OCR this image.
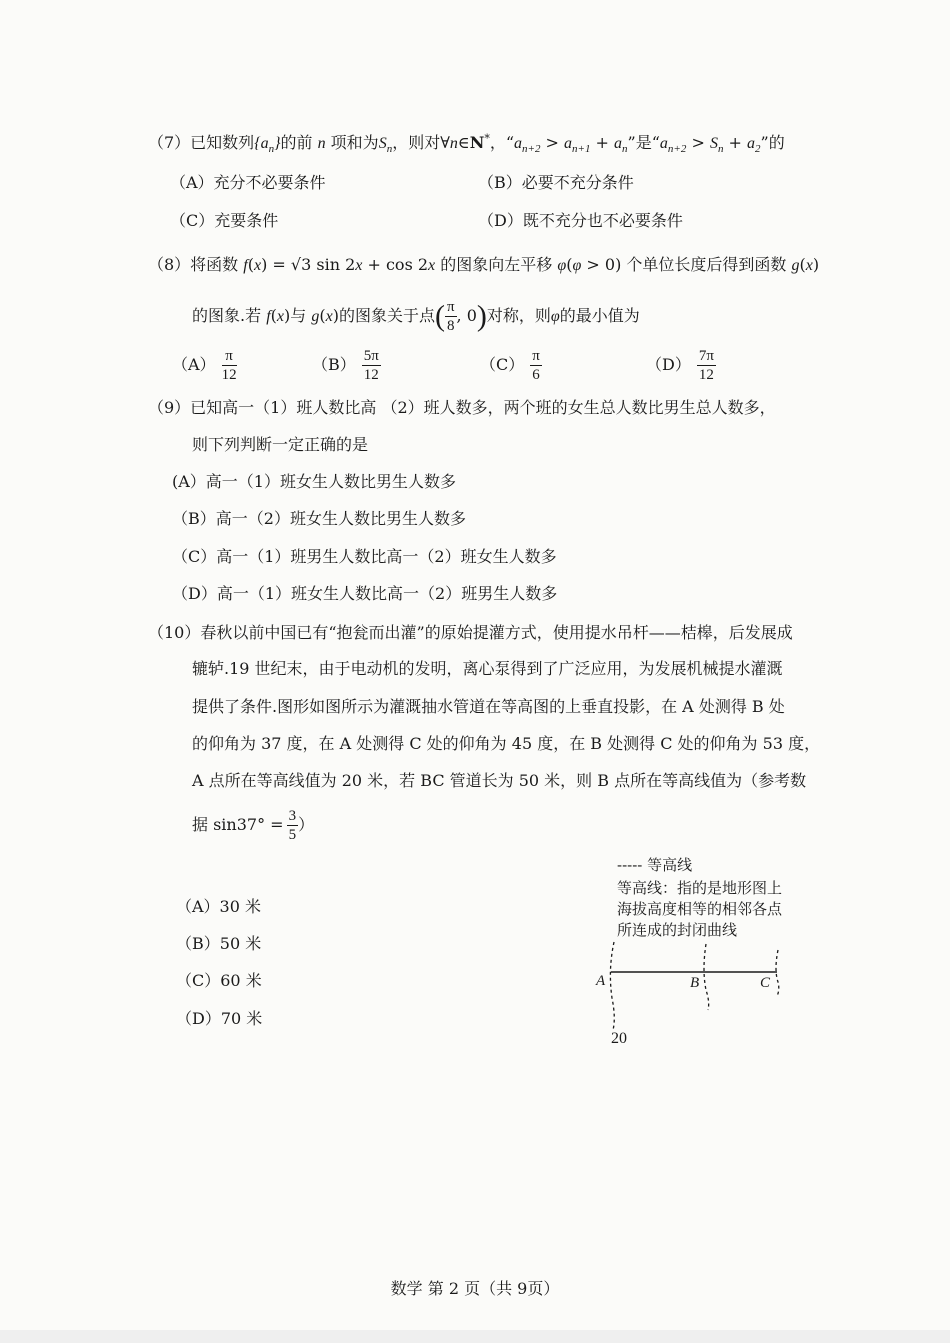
（7）已知数列$\{a_n\}$的前 n 项和为$S_n$，则对∀n∈N*，“$a_{n+2} > a_{n+1} + a_n$”是“$a_{n+2} > S_n + a_2$”的
（A）充分不必要条件	（B）必要不充分条件
（C）充要条件	（D）既不充分也不必要条件
（8）将函数 f(x) = √3 sin 2x + cos 2x 的图象向左平移 φ(φ > 0) 个单位长度后得到函数 g(x)
的图象.若 f(x)与 g(x)的图象关于点( $\frac{\pi}{8}$ , 0)对称，则φ的最小值为
$(A) \frac{\pi}{12}$	$(B) \frac{5\pi}{12}$	$(C) \frac{\pi}{6}$	$(D) \frac{7\pi}{12}$
（9）已知高一（1）班人数比高 （2）班人数多，两个班的女生总人数比男生总人数多，
则下列判断一定正确的是
(A）高一（1）班女生人数比男生人数多
（B）高一（2）班女生人数比男生人数多
（C）高一（1）班男生人数比高一（2）班女生人数多
（D）高一（1）班女生人数比高一（2）班男生人数多
（10）春秋以前中国已有“抱瓮而出灌”的原始提灌方式，使用提水吊杆——桔槔，后发展成
辘轳.19 世纪末，由于电动机的发明，离心泵得到了广泛应用，为发展机械提水灌溉
提供了条件.图形如图所示为灌溉抽水管道在等高图的上垂直投影，在 A 处测得 B 处
的仰角为 37 度，在 A 处测得 C 处的仰角为 45 度，在 B 处测得 C 处的仰角为 53 度，
A 点所在等高线值为 20 米，若 BC 管道长为 50 米，则 B 点所在等高线值为（参考数
据 $\sin 37^\circ = \frac{3}{5}$ ）
（A）30 米
（B）50 米
（C）60 米
（D）70 米
----- 等高线
等高线：指的是地形图上
海拔高度相等的相邻各点
所连成的封闭曲线
A	B	C
20
数学 第 2 页（共 9页）
